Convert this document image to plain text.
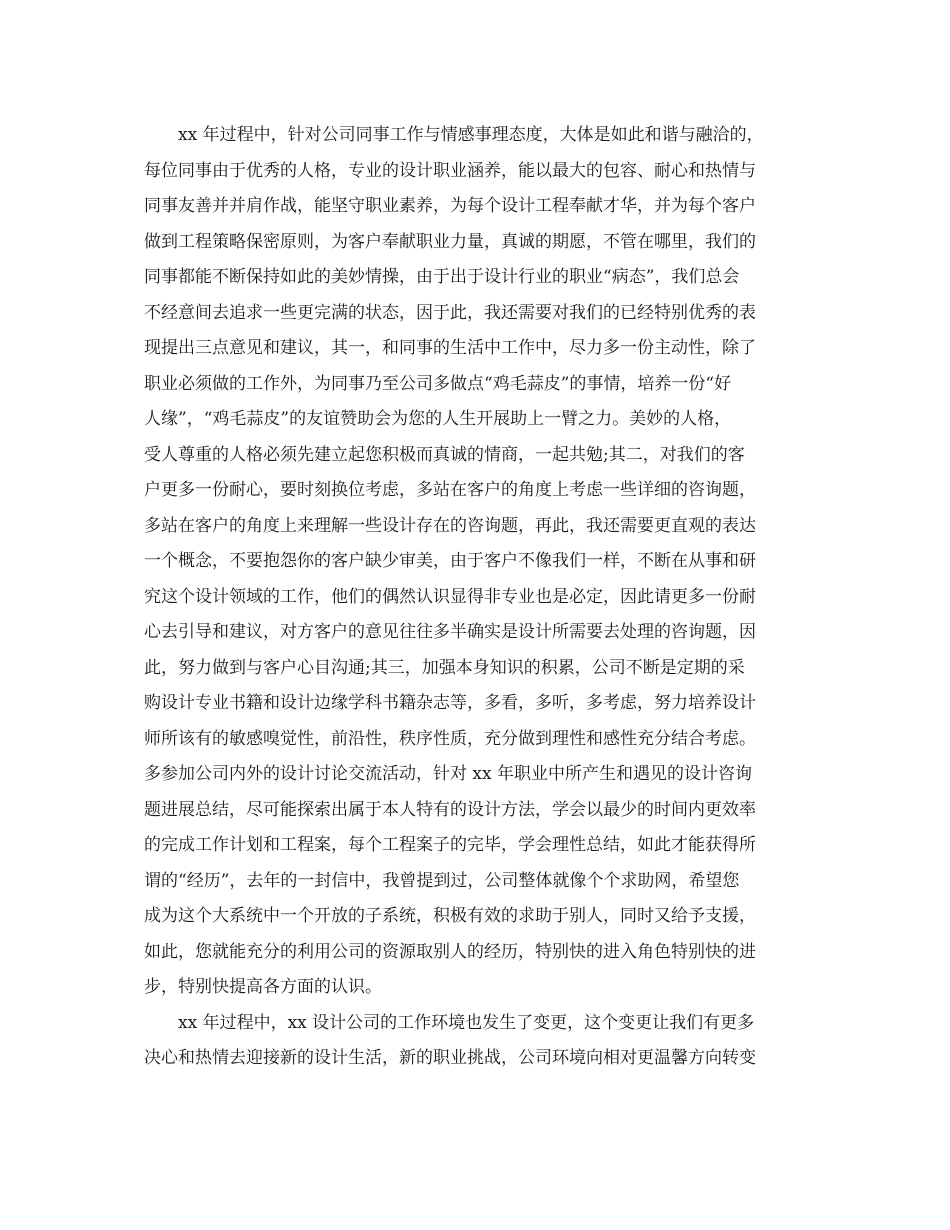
xx 年过程中，针对公司同事工作与情感事理态度，大体是如此和谐与融洽的，
每位同事由于优秀的人格，专业的设计职业涵养，能以最大的包容、耐心和热情与
同事友善并并肩作战，能坚守职业素养，为每个设计工程奉献才华，并为每个客户
做到工程策略保密原则，为客户奉献职业力量，真诚的期愿，不管在哪里，我们的
同事都能不断保持如此的美妙情操，由于出于设计行业的职业“病态”，我们总会
不经意间去追求一些更完满的状态，因于此，我还需要对我们的已经特别优秀的表
现提出三点意见和建议，其一，和同事的生活中工作中，尽力多一份主动性，除了
职业必须做的工作外，为同事乃至公司多做点“鸡毛蒜皮”的事情，培养一份“好
人缘”，“鸡毛蒜皮”的友谊赞助会为您的人生开展助上一臂之力。美妙的人格，
受人尊重的人格必须先建立起您积极而真诚的情商，一起共勉;其二，对我们的客
户更多一份耐心，要时刻换位考虑，多站在客户的角度上考虑一些详细的咨询题，
多站在客户的角度上来理解一些设计存在的咨询题，再此，我还需要更直观的表达
一个概念，不要抱怨你的客户缺少审美，由于客户不像我们一样，不断在从事和研
究这个设计领域的工作，他们的偶然认识显得非专业也是必定，因此请更多一份耐
心去引导和建议，对方客户的意见往往多半确实是设计所需要去处理的咨询题，因
此，努力做到与客户心目沟通;其三，加强本身知识的积累，公司不断是定期的采
购设计专业书籍和设计边缘学科书籍杂志等，多看，多听，多考虑，努力培养设计
师所该有的敏感嗅觉性，前沿性，秩序性质，充分做到理性和感性充分结合考虑。
多参加公司内外的设计讨论交流活动，针对 xx 年职业中所产生和遇见的设计咨询
题进展总结，尽可能探索出属于本人特有的设计方法，学会以最少的时间内更效率
的完成工作计划和工程案，每个工程案子的完毕，学会理性总结，如此才能获得所
谓的“经历”，去年的一封信中，我曾提到过，公司整体就像个个求助网，希望您
成为这个大系统中一个开放的子系统，积极有效的求助于别人，同时又给予支援，
如此，您就能充分的利用公司的资源取别人的经历，特别快的进入角色特别快的进
步，特别快提高各方面的认识。
xx 年过程中，xx 设计公司的工作环境也发生了变更，这个变更让我们有更多
决心和热情去迎接新的设计生活，新的职业挑战，公司环境向相对更温馨方向转变
